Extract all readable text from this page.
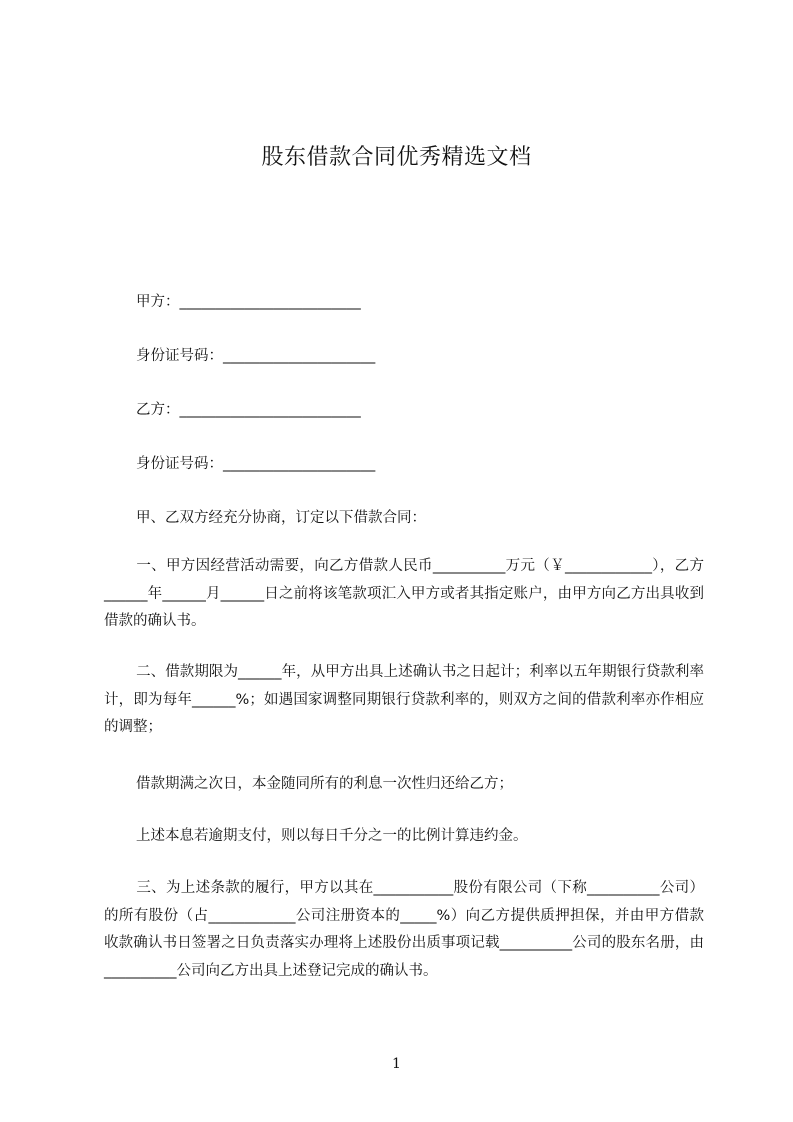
股东借款合同优秀精选文档
甲方：_________________________
身份证号码：_____________________
乙方：_________________________
身份证号码：_____________________
甲、乙双方经充分协商，订定以下借款合同：
一、甲方因经营活动需要，向乙方借款人民币__________万元（￥____________），乙方______年______月______日之前将该笔款项汇入甲方或者其指定账户，由甲方向乙方出具收到借款的确认书。
二、借款期限为______年，从甲方出具上述确认书之日起计；利率以五年期银行贷款利率计，即为每年______%；如遇国家调整同期银行贷款利率的，则双方之间的借款利率亦作相应的调整；
借款期满之次日，本金随同所有的利息一次性归还给乙方；
上述本息若逾期支付，则以每日千分之一的比例计算违约金。
三、为上述条款的履行，甲方以其在___________股份有限公司（下称__________公司）的所有股份（占____________公司注册资本的_____%）向乙方提供质押担保，并由甲方借款收款确认书日签署之日负责落实办理将上述股份出质事项记载__________公司的股东名册，由__________公司向乙方出具上述登记完成的确认书。
1
